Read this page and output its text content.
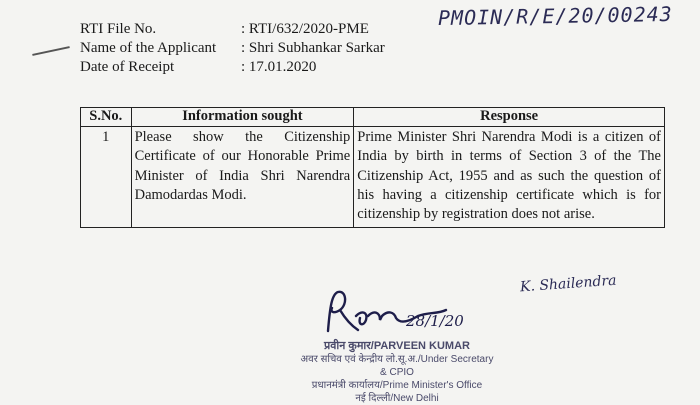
PMOIN/R/E/20/00243
RTI File No.	: RTI/632/2020-PME
Name of the Applicant	: Shri Subhankar Sarkar
Date of Receipt	: 17.01.2020
S.No.	Information sought	Response
1	Please show the Citizenship Certificate of our Honorable Prime Minister of India Shri Narendra Damodardas Modi.	Prime Minister Shri Narendra Modi is a citizen of India by birth in terms of Section 3 of the The Citizenship Act, 1955 and as such the question of his having a citizenship certificate which is for citizenship by registration does not arise.
K. Shailendra
28/1/20
प्रवीन कुमार/PARVEEN KUMAR
अवर सचिव एवं केन्द्रीय लो.सू.अ./Under Secretary & CPIO
प्रधानमंत्री कार्यालय/Prime Minister's Office
नई दिल्ली/New Delhi
